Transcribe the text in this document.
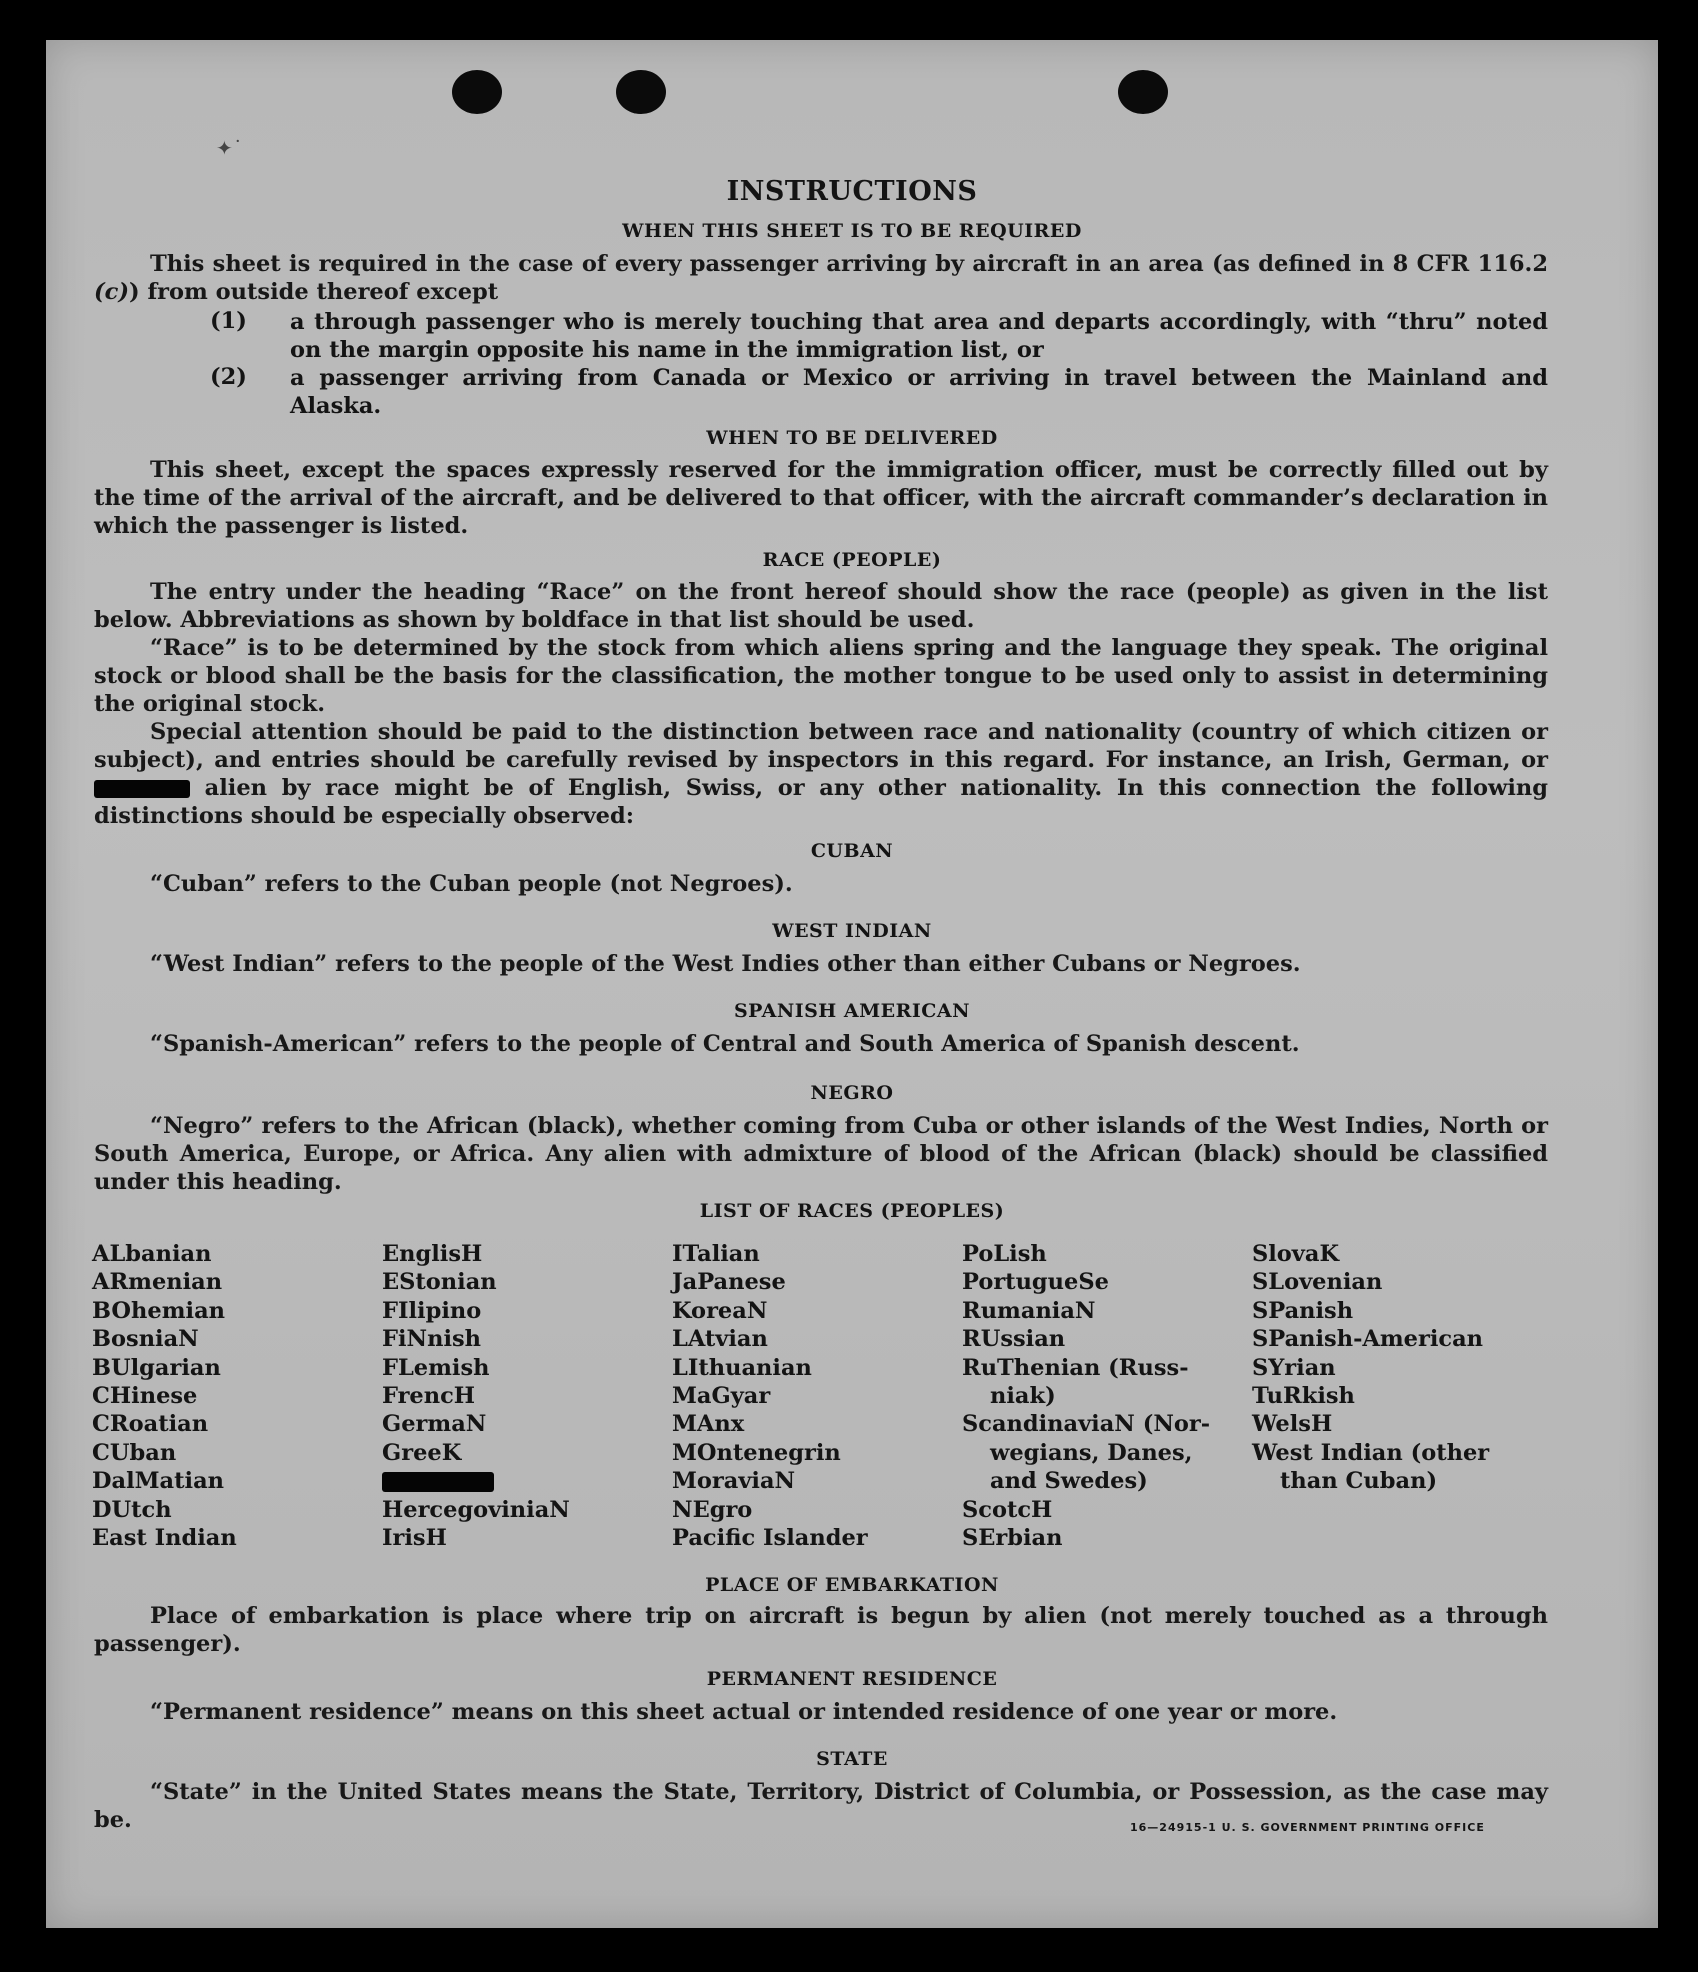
✦˙
INSTRUCTIONS
WHEN THIS SHEET IS TO BE REQUIRED
This sheet is required in the case of every passenger arriving by aircraft in an area (as defined in 8 CFR 116.2 (c)) from outside thereof except
(1) a through passenger who is merely touching that area and departs accordingly, with “thru” noted on the margin opposite his name in the immigration list, or
(2) a passenger arriving from Canada or Mexico or arriving in travel between the Mainland and Alaska.
WHEN TO BE DELIVERED
This sheet, except the spaces expressly reserved for the immigration officer, must be correctly filled out by the time of the arrival of the aircraft, and be delivered to that officer, with the aircraft commander’s declaration in which the passenger is listed.
RACE (PEOPLE)
The entry under the heading “Race” on the front hereof should show the race (people) as given in the list below. Abbreviations as shown by boldface in that list should be used.
“Race” is to be determined by the stock from which aliens spring and the language they speak. The original stock or blood shall be the basis for the classification, the mother tongue to be used only to assist in determining the original stock.
Special attention should be paid to the distinction between race and nationality (country of which citizen or subject), and entries should be carefully revised by inspectors in this regard. For instance, an Irish, German, or  alien by race might be of English, Swiss, or any other nationality. In this connection the following distinctions should be especially observed:
CUBAN
“Cuban” refers to the Cuban people (not Negroes).
WEST INDIAN
“West Indian” refers to the people of the West Indies other than either Cubans or Negroes.
SPANISH AMERICAN
“Spanish-American” refers to the people of Central and South America of Spanish descent.
NEGRO
“Negro” refers to the African (black), whether coming from Cuba or other islands of the West Indies, North or South America, Europe, or Africa. Any alien with admixture of blood of the African (black) should be classified under this heading.
LIST OF RACES (PEOPLES)
ALbanian
ARmenian
BOhemian
BosniaN
BUlgarian
CHinese
CRoatian
CUban
DalMatian
DUtch
East Indian
EnglisH
EStonian
FIlipino
FiNnish
FLemish
FrencH
GermaN
GreeK
HercegoviniaN
IrisH
ITalian
JaPanese
KoreaN
LAtvian
LIthuanian
MaGyar
MAnx
MOntenegrin
MoraviaN
NEgro
Pacific Islander
PoLish
PortugueSe
RumaniaN
RUssian
RuThenian (Russ-
niak)
ScandinaviaN (Nor-
wegians, Danes,
and Swedes)
ScotcH
SErbian
SlovaK
SLovenian
SPanish
SPanish-American
SYrian
TuRkish
WelsH
West Indian (other
than Cuban)
PLACE OF EMBARKATION
Place of embarkation is place where trip on aircraft is begun by alien (not merely touched as a through passenger).
PERMANENT RESIDENCE
“Permanent residence” means on this sheet actual or intended residence of one year or more.
STATE
“State” in the United States means the State, Territory, District of Columbia, or Possession, as the case may be.	16—24915-1 U. S. GOVERNMENT PRINTING OFFICE
